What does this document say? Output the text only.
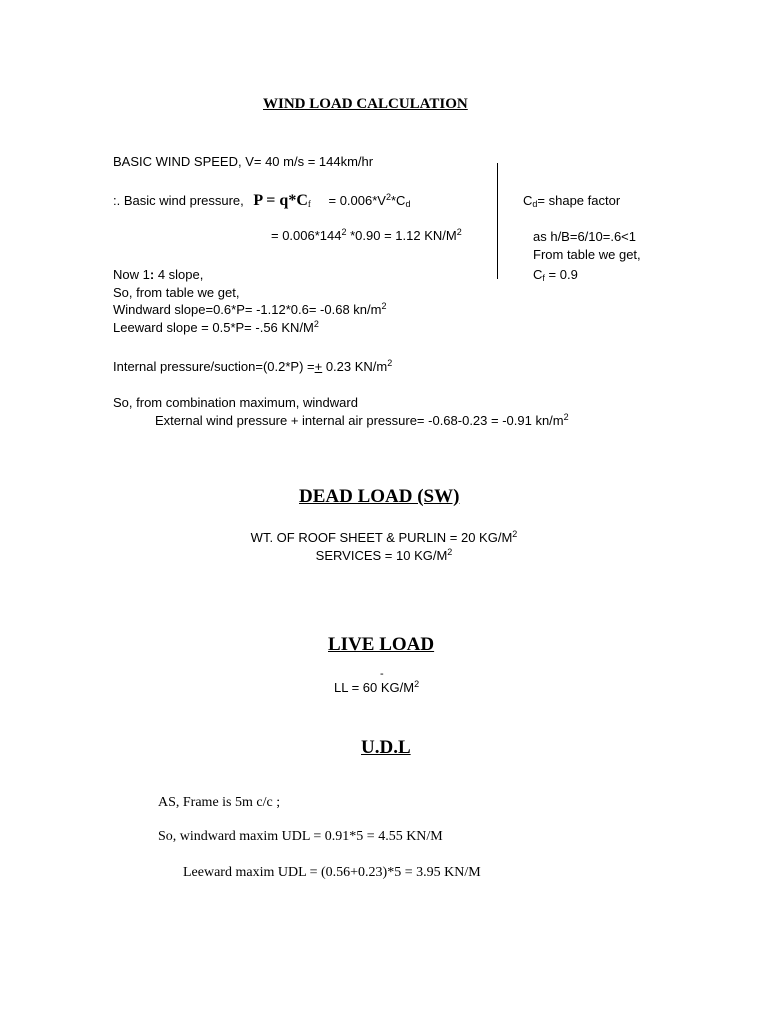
WIND LOAD CALCULATION
BASIC WIND SPEED, V= 40 m/s = 144km/hr
:. Basic wind pressure, $P = q*C_f = 0.006*V^2*C_d$	$C_d=$ shape factor
= $0.006*144^2$ *0.90 = 1.12 $KN/M^2$	as h/B=6/10=.6<1
From table we get,
$C_f = 0.9$
Now 1: 4 slope,
So, from table we get,
Windward slope=0.6*P= -1.12*0.6= -0.68 $kn/m^2$
Leeward slope = 0.5*P= -.56 $KN/M^2$
Internal pressure/suction=(0.2*P) =+ 0.23 $KN/m^2$
So, from combination maximum, windward
External wind pressure + internal air pressure= -0.68-0.23 = -0.91 $kn/m^2$
DEAD LOAD (SW)
WT. OF ROOF SHEET & PURLIN = 20 $KG/M^2$
SERVICES = 10 $KG/M^2$
LIVE LOAD
-
LL = 60 $KG/M^2$
U.D.L
AS, Frame is 5m c/c ;
So, windward maxim UDL = 0.91*5 = 4.55 KN/M
Leeward maxim UDL = (0.56+0.23)*5 = 3.95 KN/M
